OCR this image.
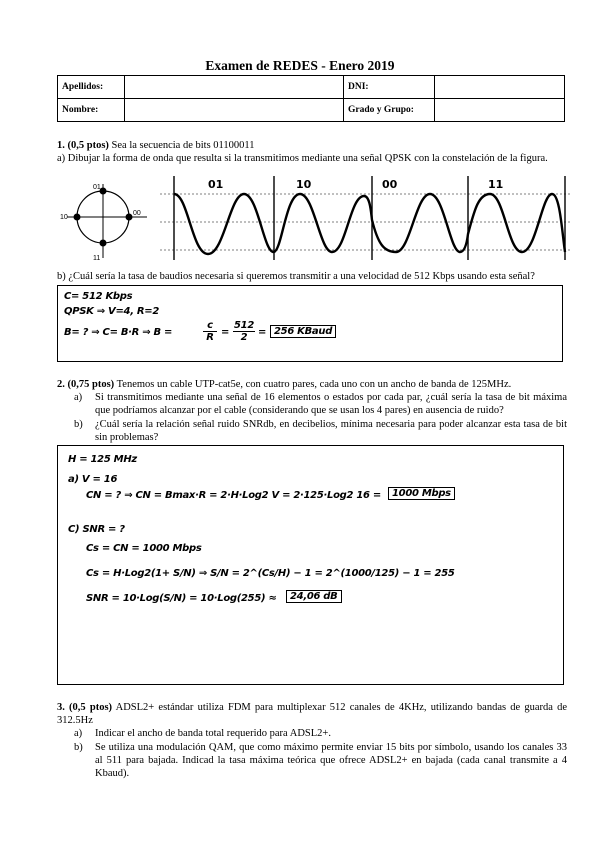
Examen de REDES - Enero 2019
Apellidos:		DNI:	
Nombre:		Grado y Grupo:	
1. (0,5 ptos) Sea la secuencia de bits 01100011
a) Dibujar la forma de onda que resulta si la transmitimos mediante una señal QPSK con la constelación de la figura.
01
10
00
11
01	10	00	11
b) ¿Cuál sería la tasa de baudios necesaria si queremos transmitir a una velocidad de 512 Kbps usando esta señal?
C= 512 Kbps
QPSK ⇒ V=4, R=2
B= ? ⇒ C= B·R ⇒ B =
c
R =
512
2	= 256 KBaud
2. (0,75 ptos) Tenemos un cable UTP-cat5e, con cuatro pares, cada uno con un ancho de banda de 125MHz.
a)	Si transmitimos mediante una señal de 16 elementos o estados por cada par, ¿cuál sería la tasa de bit máxima que podríamos alcanzar por el cable (considerando que se usan los 4 pares) en ausencia de ruido?
b)	¿Cuál sería la relación señal ruido SNRdb, en decibelios, mínima necesaria para poder alcanzar esta tasa de bit sin problemas?
H = 125 MHz
a) V = 16
CN = ? ⇒ CN = Bmax·R = 2·H·Log2 V = 2·125·Log2 16 =	1000 Mbps
C) SNR = ?
Cs = CN = 1000 Mbps
Cs = H·Log2(1+ S/N) ⇒ S/N = 2^(Cs/H) − 1 = 2^(1000/125) − 1 = 255
SNR = 10·Log(S/N) = 10·Log(255) ≈	24,06 dB
3. (0,5 ptos) ADSL2+ estándar utiliza FDM para multiplexar 512 canales de 4KHz, utilizando bandas de guarda de 312.5Hz
a)	Indicar el ancho de banda total requerido para ADSL2+.
b)	Se utiliza una modulación QAM, que como máximo permite enviar 15 bits por símbolo, usando los canales 33 al 511 para bajada. Indicad la tasa máxima teórica que ofrece ADSL2+ en bajada (cada canal transmite a 4 Kbaud).
